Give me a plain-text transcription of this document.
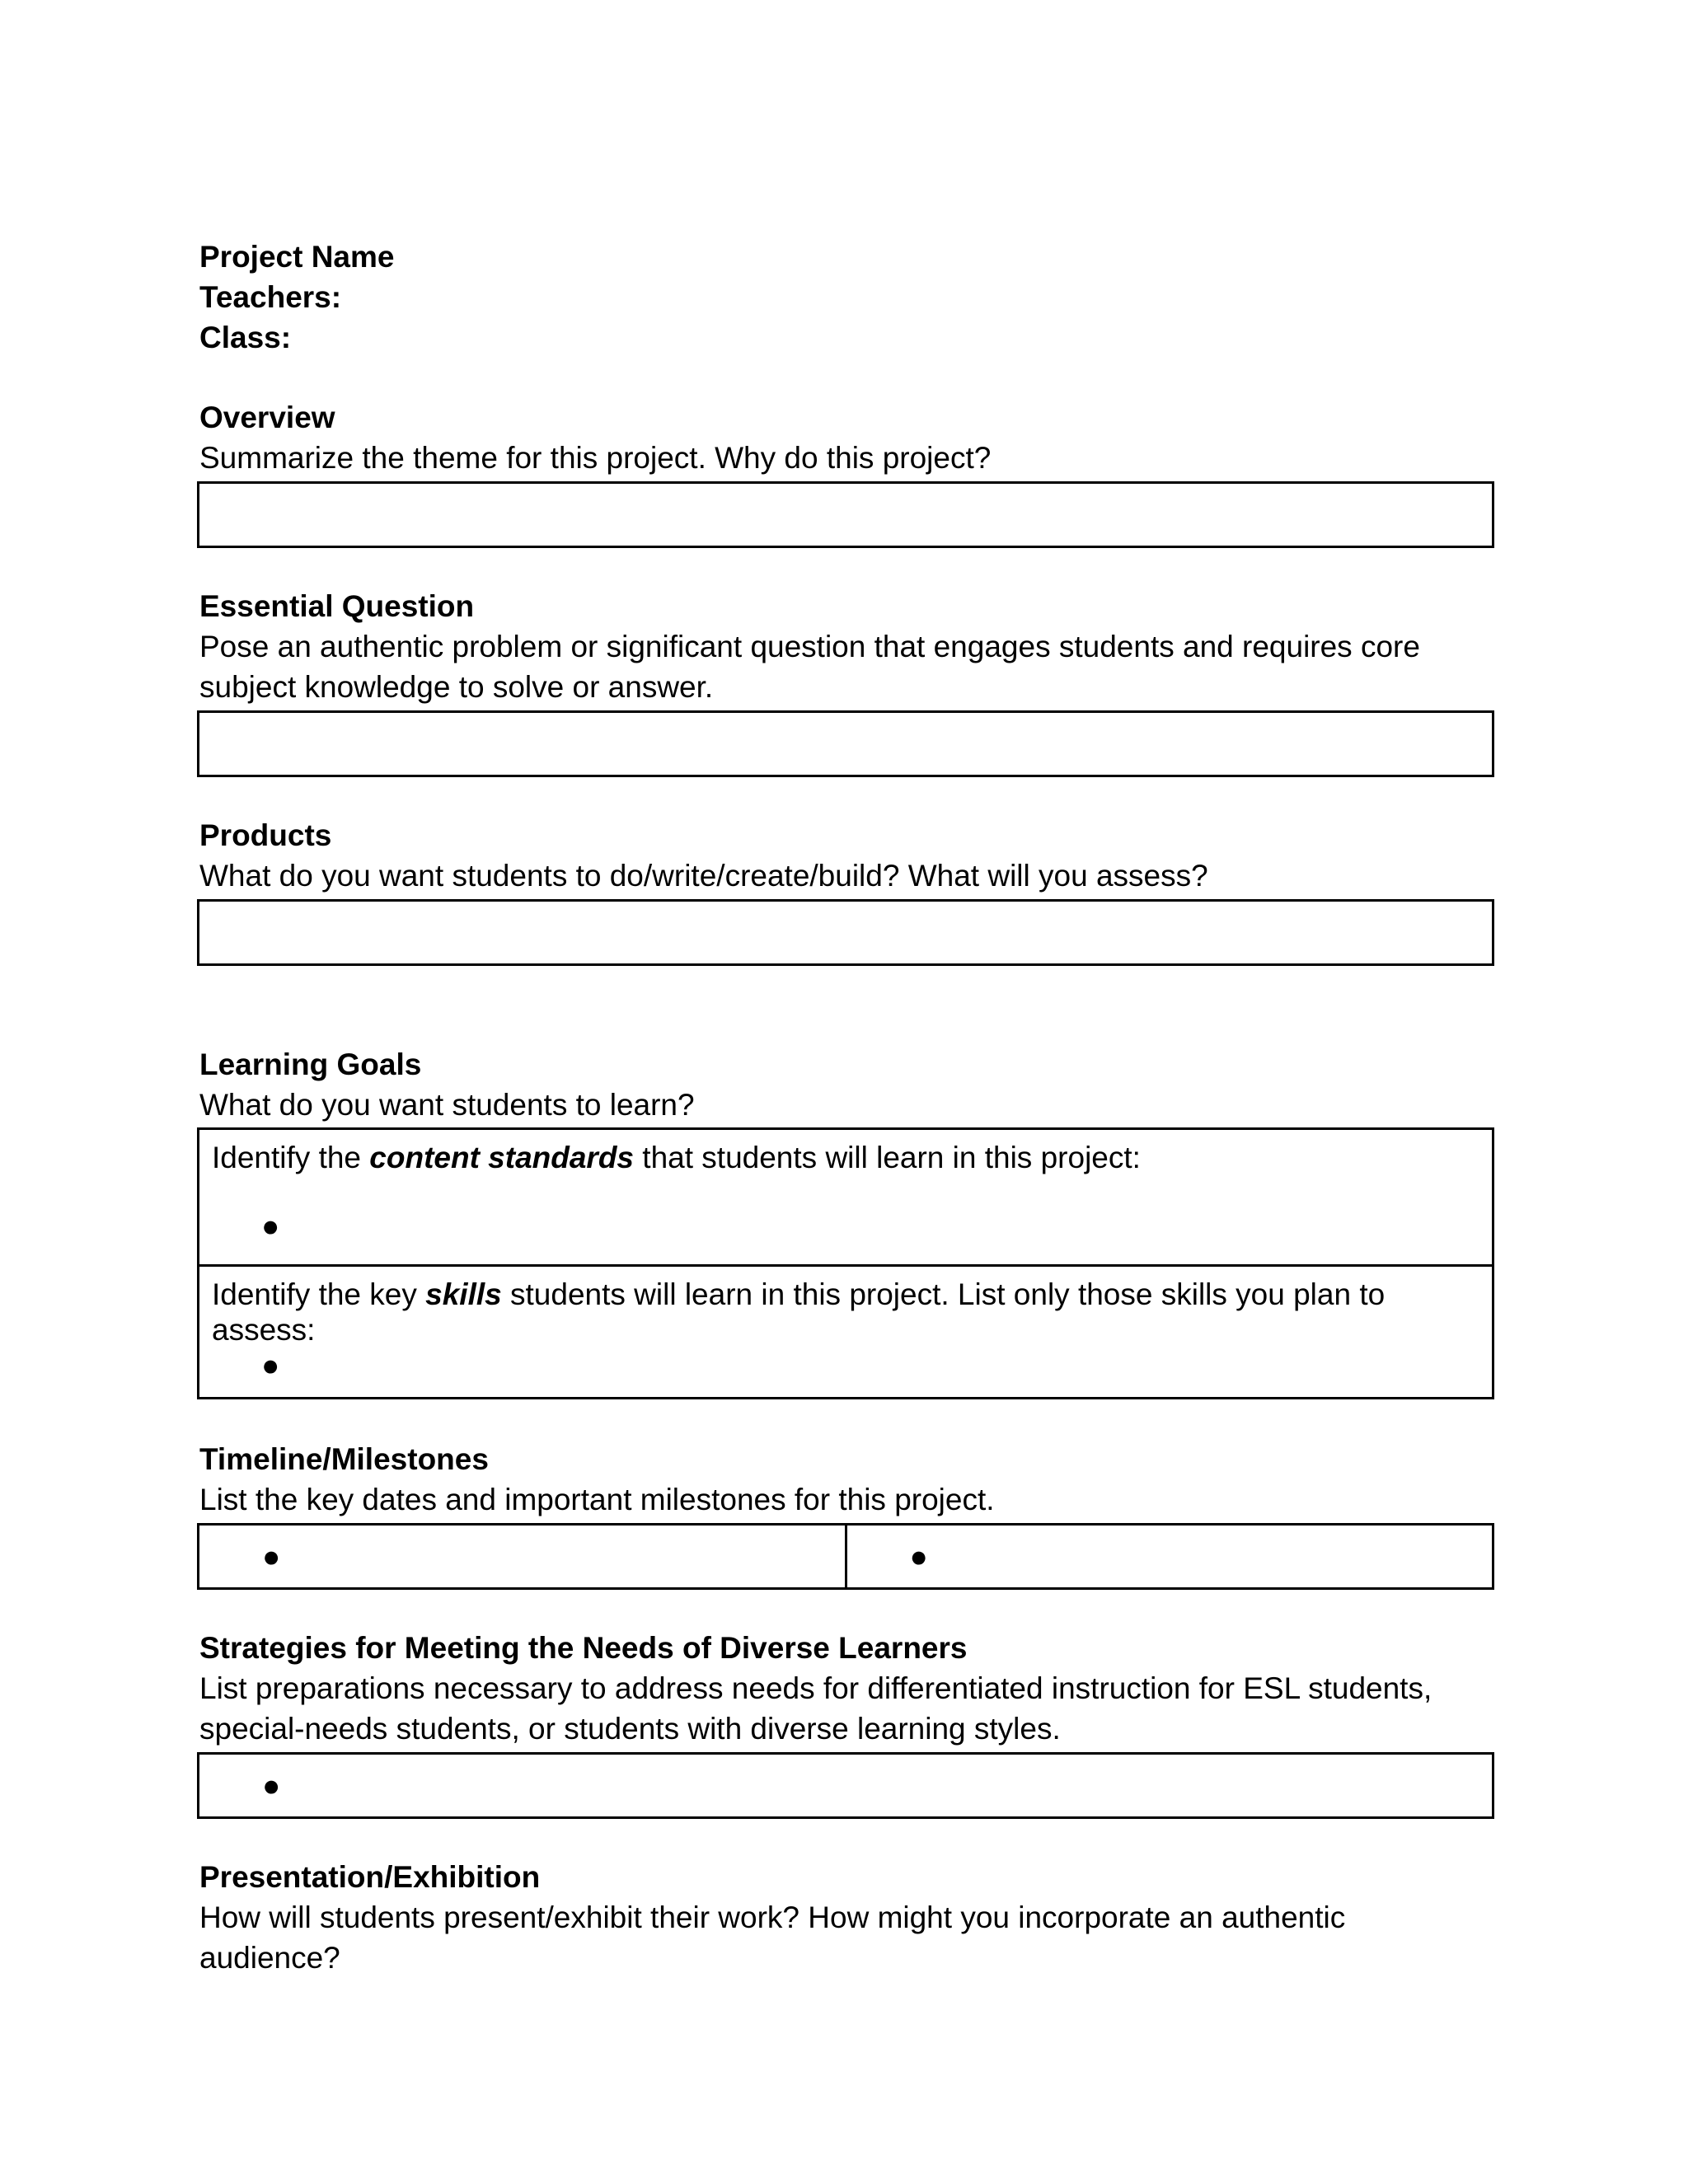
Project Name
Teachers:
Class:
Overview
Summarize the theme for this project. Why do this project?
Essential Question
Pose an authentic problem or significant question that engages students and requires core
subject knowledge to solve or answer.
Products
What do you want students to do/write/create/build? What will you assess?
Learning Goals
What do you want students to learn?
Identify the content standards that students will learn in this project:
●
Identify the key skills students will learn in this project. List only those skills you plan to
assess:
●
Timeline/Milestones
List the key dates and important milestones for this project.
●	●
Strategies for Meeting the Needs of Diverse Learners
List preparations necessary to address needs for differentiated instruction for ESL students,
special-needs students, or students with diverse learning styles.
●
Presentation/Exhibition
How will students present/exhibit their work? How might you incorporate an authentic audience?
